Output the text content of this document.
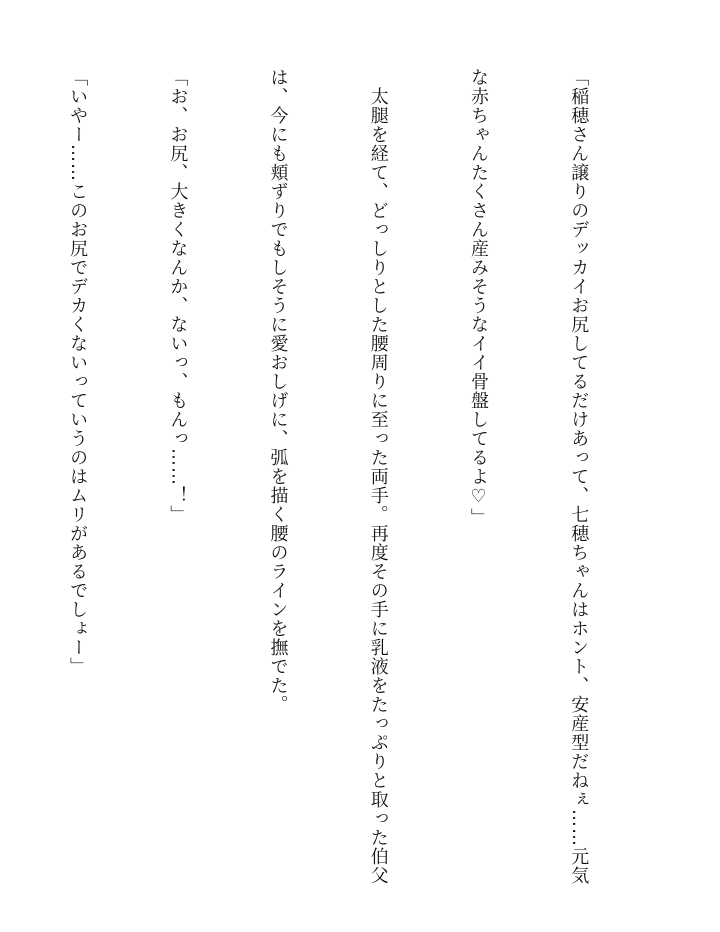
「稲穂さん譲りのデッカイお尻してるだけあって、七穂ちゃんはホント、安産型だねぇ……元気

な赤ちゃんたくさん産みそうなイイ骨盤してるよ♡」

　太腿を経て、どっしりとした腰周りに至った両手。再度その手に乳液をたっぷりと取った伯父

は、今にも頬ずりでもしそうに愛おしげに、弧を描く腰のラインを撫でた。

「お、お尻、大きくなんか、ないっ、もんっ……！」

「いやー……このお尻でデカくないっていうのはムリがあるでしょー」
